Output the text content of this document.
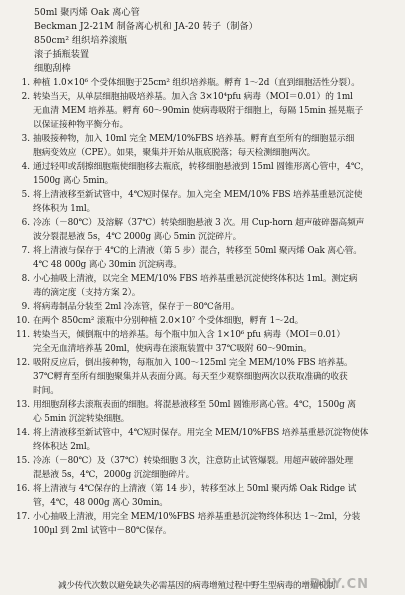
50ml 聚丙烯 Oak 离心管
Beckman J2-21M 制备离心机和 JA-20 转子（制备）
850cm² 组织培养滚瓶
滚子插瓶装置
细胞刮棒
1. 种植 1.0×10⁶ 个受体细胞于25cm² 组织培养瓶。孵育 1～2d（直到细胞活性分裂）。
2. 转染当天，从单层细胞抽吸培养基。加入含 3×10⁴pfu 病毒（MOI＝0.01）的 1ml
无血清 MEM 培养基。孵育 60～90min 使病毒吸附于细胞上，每隔 15min 摇晃瓶子
以保证接种物平衡分布。
3. 抽吸接种物，加入 10ml 完全 MEM/10%FBS 培养基。孵育直至所有的细胞显示细
胞病变效应（CPE）。如果，聚集并开始从瓶底脱落；每天检测细胞两次。
4. 通过轻叩或刮擦细胞瓶使细胞移去瓶底，转移细胞悬液到 15ml 圆锥形离心管中，4℃，
1500g 离心 5min。
5. 将上清液移至新试管中，4℃短时保存。加入完全 MEM/10% FBS 培养基重悬沉淀使
终体积为 1ml。
6. 冷冻（－80℃）及溶解（37℃）转染细胞悬液 3 次。用 Cup-horn 超声破碎器高频声
波分裂混悬液 5s，4℃ 2000g 离心 5min 沉淀碎片。
7. 将上清液与保存于 4℃的上清液（第 5 步）混合，转移至 50ml 聚丙烯 Oak 离心管。
4℃ 48 000g 离心 30min 沉淀病毒。
8. 小心抽吸上清液，以完全 MEM/10% FBS 培养基重悬沉淀使终体积达 1ml。测定病
毒的滴定度（支持方案 2）。
9. 将病毒制品分装至 2ml 冷冻管，保存于－80℃备用。
10. 在两个 850cm² 滚瓶中分别种植 2.0×10⁷ 个受体细胞，孵育 1～2d。
11. 转染当天，倾倒瓶中的培养基。每个瓶中加入含 1×10⁶ pfu 病毒（MOI＝0.01）
完全无血清培养基 20ml，使病毒在滚瓶装置中 37℃吸附 60～90min。
12. 吸附反应后，倒出接种物，每瓶加入 100～125ml 完全 MEM/10% FBS 培养基。
37℃孵育至所有细胞聚集并从表面分离。每天至少观察细胞两次以获取准确的收获
时间。
13. 用细胞刮移去滚瓶表面的细胞。将混悬液移至 50ml 圆锥形离心管。4℃，1500g 离
心 5min 沉淀转染细胞。
14. 将上清液移至新试管中，4℃短时保存。用完全 MEM/10%FBS 培养基重悬沉淀物使体
终体积达 2ml。
15. 冷冻（－80℃）及（37℃）转染细胞 3 次，注意防止试管爆裂。用超声破碎器处理
混悬液 5s，4℃，2000g 沉淀细胞碎片。
16. 将上清液与 4℃保存的上清液（第 14 步），转移至冰上 50ml 聚丙烯 Oak Ridge 试
管，4℃，48 000g 离心 30min。
17. 小心抽吸上清液，用完全 MEM/10%FBS 培养基重悬沉淀物终体积达 1～2ml，分装
100μl 到 2ml 试管中－80℃保存。
减少传代次数以避免缺失必需基因的病毒增殖过程中野生型病毒的增殖机制
DXY.CN
